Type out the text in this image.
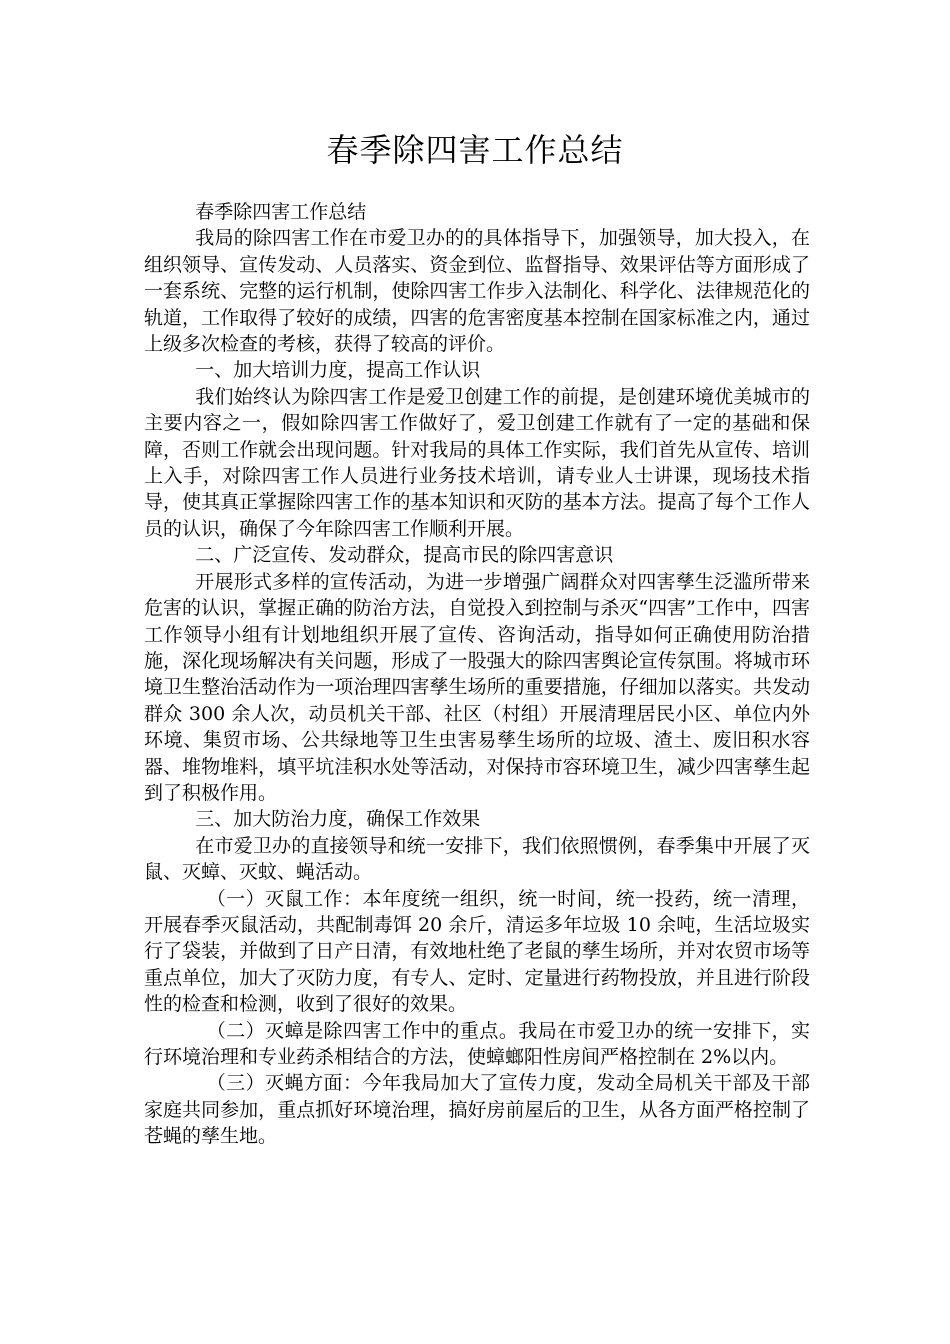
春季除四害工作总结

春季除四害工作总结

我局的除四害工作在市爱卫办的的具体指导下，加强领导，加大投入，在组织领导、宣传发动、人员落实、资金到位、监督指导、效果评估等方面形成了一套系统、完整的运行机制，使除四害工作步入法制化、科学化、法律规范化的轨道，工作取得了较好的成绩，四害的危害密度基本控制在国家标准之内，通过上级多次检查的考核，获得了较高的评价。

一、加大培训力度，提高工作认识

我们始终认为除四害工作是爱卫创建工作的前提，是创建环境优美城市的主要内容之一，假如除四害工作做好了，爱卫创建工作就有了一定的基础和保障，否则工作就会出现问题。针对我局的具体工作实际，我们首先从宣传、培训上入手，对除四害工作人员进行业务技术培训，请专业人士讲课，现场技术指导，使其真正掌握除四害工作的基本知识和灭防的基本方法。提高了每个工作人员的认识，确保了今年除四害工作顺利开展。

二、广泛宣传、发动群众，提高市民的除四害意识

开展形式多样的宣传活动，为进一步增强广阔群众对四害孳生泛滥所带来危害的认识，掌握正确的防治方法，自觉投入到控制与杀灭“四害”工作中，四害工作领导小组有计划地组织开展了宣传、咨询活动，指导如何正确使用防治措施，深化现场解决有关问题，形成了一股强大的除四害舆论宣传氛围。将城市环境卫生整治活动作为一项治理四害孳生场所的重要措施，仔细加以落实。共发动群众 300 余人次，动员机关干部、社区（村组）开展清理居民小区、单位内外环境、集贸市场、公共绿地等卫生虫害易孳生场所的垃圾、渣土、废旧积水容器、堆物堆料，填平坑洼积水处等活动，对保持市容环境卫生，减少四害孳生起到了积极作用。

三、加大防治力度，确保工作效果

在市爱卫办的直接领导和统一安排下，我们依照惯例，春季集中开展了灭鼠、灭蟑、灭蚊、蝇活动。

（一）灭鼠工作：本年度统一组织，统一时间，统一投药，统一清理，开展春季灭鼠活动，共配制毒饵 20 余斤，清运多年垃圾 10 余吨，生活垃圾实行了袋装，并做到了日产日清，有效地杜绝了老鼠的孳生场所，并对农贸市场等重点单位，加大了灭防力度，有专人、定时、定量进行药物投放，并且进行阶段性的检查和检测，收到了很好的效果。

（二）灭蟑是除四害工作中的重点。我局在市爱卫办的统一安排下，实行环境治理和专业药杀相结合的方法，使蟑螂阳性房间严格控制在 2%以内。

（三）灭蝇方面：今年我局加大了宣传力度，发动全局机关干部及干部家庭共同参加，重点抓好环境治理，搞好房前屋后的卫生，从各方面严格控制了苍蝇的孳生地。
